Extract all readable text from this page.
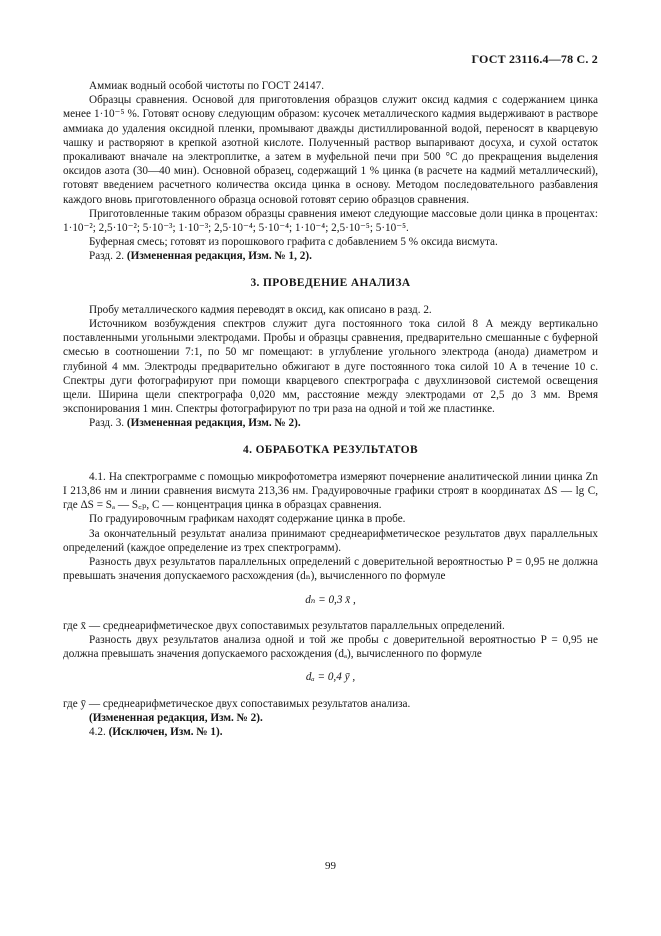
ГОСТ 23116.4—78 С. 2

Аммиак водный особой чистоты по ГОСТ 24147.

Образцы сравнения. Основой для приготовления образцов служит оксид кадмия с содержанием цинка менее 1·10⁻⁵ %. Готовят основу следующим образом: кусочек металлического кадмия выдерживают в растворе аммиака до удаления оксидной пленки, промывают дважды дистиллированной водой, переносят в кварцевую чашку и растворяют в крепкой азотной кислоте. Полученный раствор выпаривают досуха, и сухой остаток прокаливают вначале на электроплитке, а затем в муфельной печи при 500 °С до прекращения выделения оксидов азота (30—40 мин). Основной образец, содержащий 1 % цинка (в расчете на кадмий металлический), готовят введением расчетного количества оксида цинка в основу. Методом последовательного разбавления каждого вновь приготовленного образца основой готовят серию образцов сравнения.

Приготовленные таким образом образцы сравнения имеют следующие массовые доли цинка в процентах: 1·10⁻²; 2,5·10⁻²; 5·10⁻³; 1·10⁻³; 2,5·10⁻⁴; 5·10⁻⁴; 1·10⁻⁴; 2,5·10⁻⁵; 5·10⁻⁵.

Буферная смесь; готовят из порошкового графита с добавлением 5 % оксида висмута.

Разд. 2. (Измененная редакция, Изм. № 1, 2).

3. ПРОВЕДЕНИЕ АНАЛИЗА

Пробу металлического кадмия переводят в оксид, как описано в разд. 2.

Источником возбуждения спектров служит дуга постоянного тока силой 8 А между вертикально поставленными угольными электродами. Пробы и образцы сравнения, предварительно смешанные с буферной смесью в соотношении 7:1, по 50 мг помещают: в углубление угольного электрода (анода) диаметром и глубиной 4 мм. Электроды предварительно обжигают в дуге постоянного тока силой 10 А в течение 10 с. Спектры дуги фотографируют при помощи кварцевого спектрографа с двухлинзовой системой освещения щели. Ширина щели спектрографа 0,020 мм, расстояние между электродами от 2,5 до 3 мм. Время экспонирования 1 мин. Спектры фотографируют по три раза на одной и той же пластинке.

Разд. 3. (Измененная редакция, Изм. № 2).

4. ОБРАБОТКА РЕЗУЛЬТАТОВ

4.1. На спектрограмме с помощью микрофотометра измеряют почернение аналитической линии цинка Zn I 213,86 нм и линии сравнения висмута 213,36 нм. Градуировочные графики строят в координатах ΔS — lg C, где ΔS = Sₐ — S꜀ₚ, C — концентрация цинка в образцах сравнения.

По градуировочным графикам находят содержание цинка в пробе.

За окончательный результат анализа принимают среднеарифметическое результатов двух параллельных определений (каждое определение из трех спектрограмм).

Разность двух результатов параллельных определений с доверительной вероятностью P = 0,95 не должна превышать значения допускаемого расхождения (dₙ), вычисленного по формуле

dₙ = 0,3 x̄ ,

где x̄ — среднеарифметическое двух сопоставимых результатов параллельных определений.

Разность двух результатов анализа одной и той же пробы с доверительной вероятностью P = 0,95 не должна превышать значения допускаемого расхождения (dₐ), вычисленного по формуле

dₐ = 0,4 ȳ ,

где ȳ — среднеарифметическое двух сопоставимых результатов анализа.

(Измененная редакция, Изм. № 2).

4.2. (Исключен, Изм. № 1).

99
